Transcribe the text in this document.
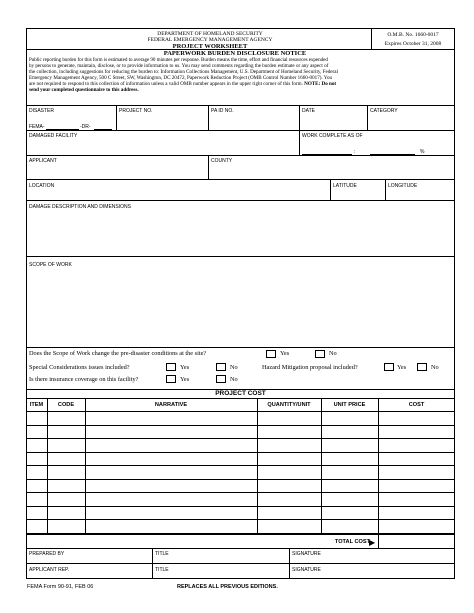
DEPARTMENT OF HOMELAND SECURITY
FEDERAL EMERGENCY MANAGEMENT AGENCY
PROJECT WORKSHEET
O.M.B. No. 1660-0017
Expires October 31, 2008
PAPERWORK BURDEN DISCLOSURE NOTICE
Public reporting burden for this form is estimated to average 90 minutes per response. Burden means the time, effort and financial resources expended
by persons to generate, maintain, disclose, or to provide information to us. You may send comments regarding the burden estimate or any aspect of
the collection, including suggestions for reducing the burden to: Information Collections Management, U.S. Department of Homeland Security, Federal
Emergency Management Agency, 500 C Street, SW, Washington, DC 20472, Paperwork Reduction Project (OMB Control Number 1660-0017). You
are not required to respond to this collection of information unless a valid OMB number appears in the upper right corner of this form. NOTE: Do not
send your completed questionnaire to this address.
DISASTER
FEMA-	-DR-
PROJECT NO.	PA ID NO.	DATE	CATEGORY
DAMAGED FACILITY	WORK COMPLETE AS OF
:	%
APPLICANT	COUNTY
LOCATION	LATITUDE	LONGITUDE
DAMAGE DESCRIPTION AND DIMENSIONS
SCOPE OF WORK
Does the Scope of Work change the pre-disaster conditions at the site?	Yes	No
Special Considerations issues included?	Yes	No	Hazard Mitigation proposal included?	Yes	No
Is there insurance coverage on this facility?	Yes	No
PROJECT COST
ITEM	CODE	NARRATIVE	QUANTITY/UNIT	UNIT PRICE	COST
TOTAL COST ▶
PREPARED BY	TITLE	SIGNATURE
APPLICANT REP.	TITLE	SIGNATURE
FEMA Form 90-91, FEB 06	REPLACES ALL PREVIOUS EDITIONS.
